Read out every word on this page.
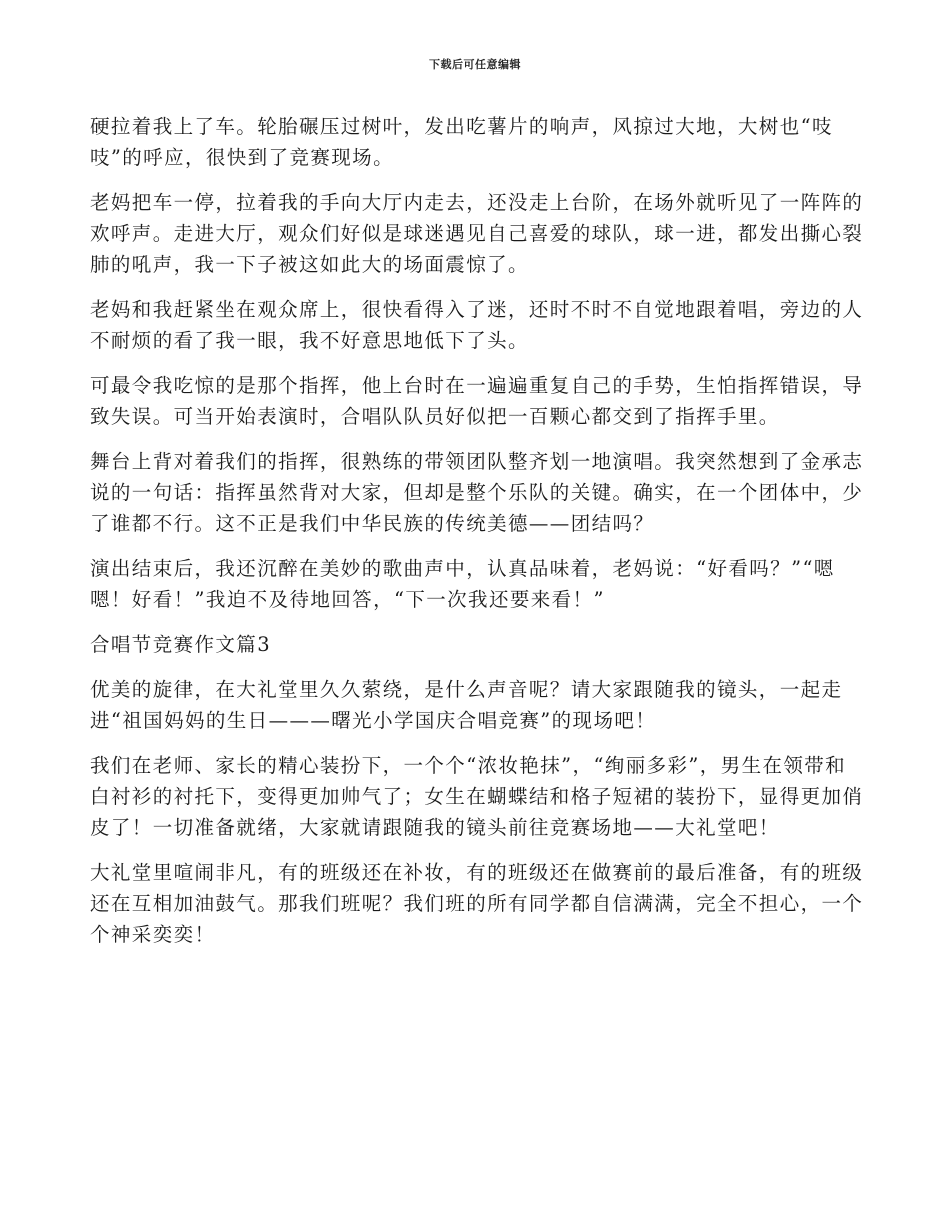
下载后可任意编辑

硬拉着我上了车。轮胎碾压过树叶，发出吃薯片的响声，风掠过大地，大树也“吱吱”的呼应，很快到了竞赛现场。

老妈把车一停，拉着我的手向大厅内走去，还没走上台阶，在场外就听见了一阵阵的欢呼声。走进大厅，观众们好似是球迷遇见自己喜爱的球队，球一进，都发出撕心裂肺的吼声，我一下子被这如此大的场面震惊了。

老妈和我赶紧坐在观众席上，很快看得入了迷，还时不时不自觉地跟着唱，旁边的人不耐烦的看了我一眼，我不好意思地低下了头。

可最令我吃惊的是那个指挥，他上台时在一遍遍重复自己的手势，生怕指挥错误，导致失误。可当开始表演时，合唱队队员好似把一百颗心都交到了指挥手里。

舞台上背对着我们的指挥，很熟练的带领团队整齐划一地演唱。我突然想到了金承志说的一句话：指挥虽然背对大家，但却是整个乐队的关键。确实，在一个团体中，少了谁都不行。这不正是我们中华民族的传统美德——团结吗？

演出结束后，我还沉醉在美妙的歌曲声中，认真品味着，老妈说：“好看吗？”“嗯嗯！好看！”我迫不及待地回答，“下一次我还要来看！”

合唱节竞赛作文篇3

优美的旋律，在大礼堂里久久萦绕，是什么声音呢？请大家跟随我的镜头，一起走进“祖国妈妈的生日———曙光小学国庆合唱竞赛”的现场吧！

我们在老师、家长的精心装扮下，一个个“浓妆艳抹”，“绚丽多彩”，男生在领带和白衬衫的衬托下，变得更加帅气了；女生在蝴蝶结和格子短裙的装扮下，显得更加俏皮了！一切准备就绪，大家就请跟随我的镜头前往竞赛场地——大礼堂吧！

大礼堂里喧闹非凡，有的班级还在补妆，有的班级还在做赛前的最后准备，有的班级还在互相加油鼓气。那我们班呢？我们班的所有同学都自信满满，完全不担心，一个个神采奕奕！
